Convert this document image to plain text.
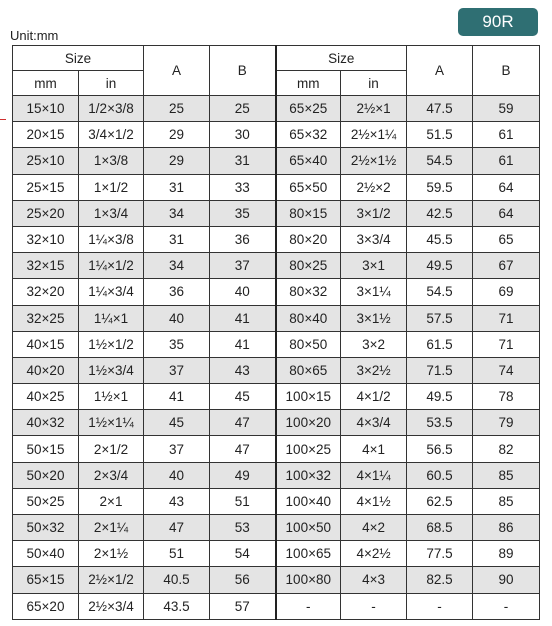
90R
Unit:mm
Size		A	B	Size		A	B
mm	in			mm	in		
15×10	1/2×3/8	25	25	65×25	2½×1	47.5	59
20×15	3/4×1/2	29	30	65×32	2½×1¼	51.5	61
25×10	1×3/8	29	31	65×40	2½×1½	54.5	61
25×15	1×1/2	31	33	65×50	2½×2	59.5	64
25×20	1×3/4	34	35	80×15	3×1/2	42.5	64
32×10	1¼×3/8	31	36	80×20	3×3/4	45.5	65
32×15	1¼×1/2	34	37	80×25	3×1	49.5	67
32×20	1¼×3/4	36	40	80×32	3×1¼	54.5	69
32×25	1¼×1	40	41	80×40	3×1½	57.5	71
40×15	1½×1/2	35	41	80×50	3×2	61.5	71
40×20	1½×3/4	37	43	80×65	3×2½	71.5	74
40×25	1½×1	41	45	100×15	4×1/2	49.5	78
40×32	1½×1¼	45	47	100×20	4×3/4	53.5	79
50×15	2×1/2	37	47	100×25	4×1	56.5	82
50×20	2×3/4	40	49	100×32	4×1¼	60.5	85
50×25	2×1	43	51	100×40	4×1½	62.5	85
50×32	2×1¼	47	53	100×50	4×2	68.5	86
50×40	2×1½	51	54	100×65	4×2½	77.5	89
65×15	2½×1/2	40.5	56	100×80	4×3	82.5	90
65×20	2½×3/4	43.5	57	-	-	-	-
